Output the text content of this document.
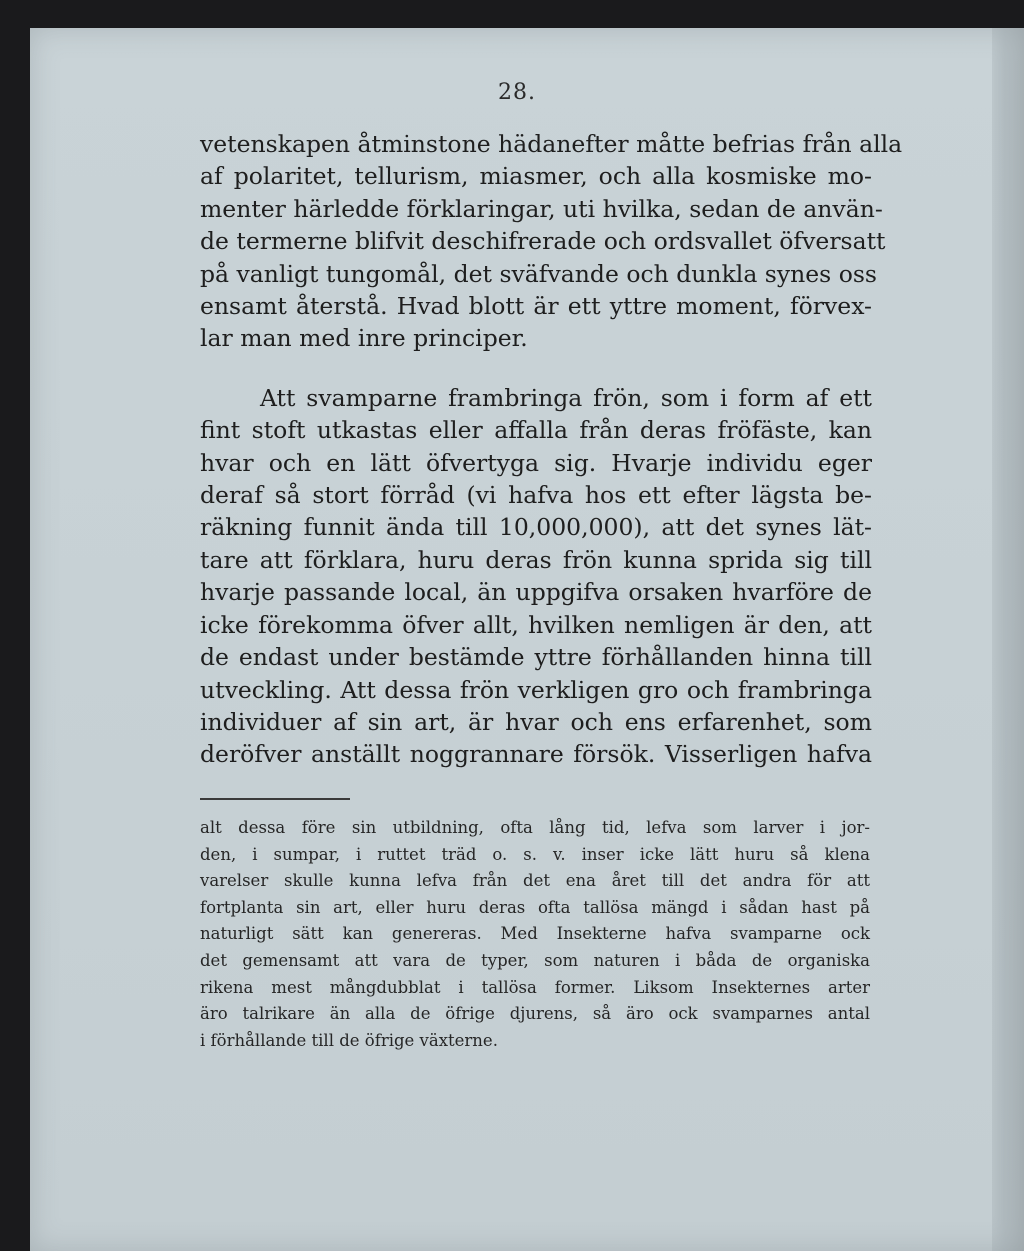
28.
vetenskapen åtminstone hädanefter måtte befrias från alla
af polaritet, tellurism, miasmer, och alla kosmiske mo-
menter härledde förklaringar, uti hvilka, sedan de använ-
de termerne blifvit deschifrerade och ordsvallet öfversatt
på vanligt tungomål, det sväfvande och dunkla synes oss
ensamt återstå. Hvad blott är ett yttre moment, förvex-
lar man med inre principer.
Att svamparne frambringa frön, som i form af ett
fint stoft utkastas eller affalla från deras fröfäste, kan
hvar och en lätt öfvertyga sig. Hvarje individu eger
deraf så stort förråd (vi hafva hos ett efter lägsta be-
räkning funnit ända till 10,000,000), att det synes lät-
tare att förklara, huru deras frön kunna sprida sig till
hvarje passande local, än uppgifva orsaken hvarföre de
icke förekomma öfver allt, hvilken nemligen är den, att
de endast under bestämde yttre förhållanden hinna till
utveckling. Att dessa frön verkligen gro och frambringa
individuer af sin art, är hvar och ens erfarenhet, som
deröfver anställt noggrannare försök. Visserligen hafva
alt dessa före sin utbildning, ofta lång tid, lefva som larver i jor-
den, i sumpar, i ruttet träd o. s. v. inser icke lätt huru så klena
varelser skulle kunna lefva från det ena året till det andra för att
fortplanta sin art, eller huru deras ofta tallösa mängd i sådan hast på
naturligt sätt kan genereras. Med Insekterne hafva svamparne ock
det gemensamt att vara de typer, som naturen i båda de organiska
rikena mest mångdubblat i tallösa former. Liksom Insekternes arter
äro talrikare än alla de öfrige djurens, så äro ock svamparnes antal
i förhållande till de öfrige växterne.
